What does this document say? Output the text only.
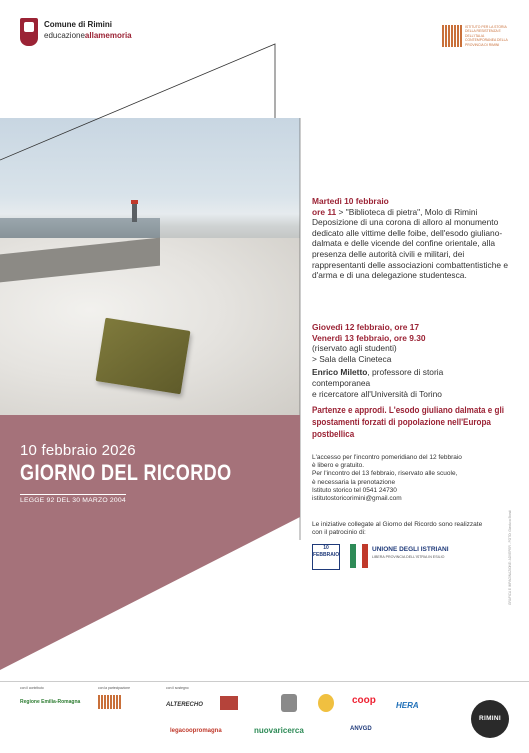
Comune di Rimini
educazioneallamemoria
ISTITUTO PER LA STORIA DELLA RESISTENZA E DELL'ITALIA CONTEMPORANEA DELLA PROVINCIA DI RIMINI
10 febbraio 2026
GIORNO DEL RICORDO
LEGGE 92 DEL 30 MARZO 2004
Martedì 10 febbraio
ore 11 > "Biblioteca di pietra", Molo di Rimini
Deposizione di una corona di alloro al monumento dedicato alle vittime delle foibe, dell'esodo giuliano-dalmata e delle vicende del confine orientale, alla presenza delle autorità civili e militari, dei rappresentanti delle associazioni combattentistiche e d'arma e di una delegazione studentesca.
Giovedì 12 febbraio, ore 17
Venerdì 13 febbraio, ore 9.30
(riservato agli studenti)
> Sala della Cineteca
Enrico Miletto, professore di storia
contemporanea
e ricercatore all'Università di Torino
Partenze e approdi. L'esodo giuliano dalmata e gli spostamenti forzati di popolazione nell'Europa postbellica
L'accesso per l'incontro pomeridiano del 12 febbraio
è libero e gratuito.
Per l'incontro del 13 febbraio, riservato alle scuole,
è necessaria la prenotazione
Istituto storico tel 0541 24730
istitutostoricorimini@gmail.com
Le iniziative collegate al Giorno del Ricordo sono realizzate
con il patrocinio di:
10 FEBBRAIO
UNIONE DEGLI ISTRIANI
LIBERA PROVINCIA DELL'ISTRIA IN ESILIO	GRAFICA E IMPAGINAZIONE: ADVEPER - FOTO: Gianluca Bondi
con il contributo	con la partecipazione	con il sostegno
Regione Emilia-Romagna	ALTERECHO	coop	HERA
RIMINI
legacoopromagna	nuovaricerca	ANVGD
